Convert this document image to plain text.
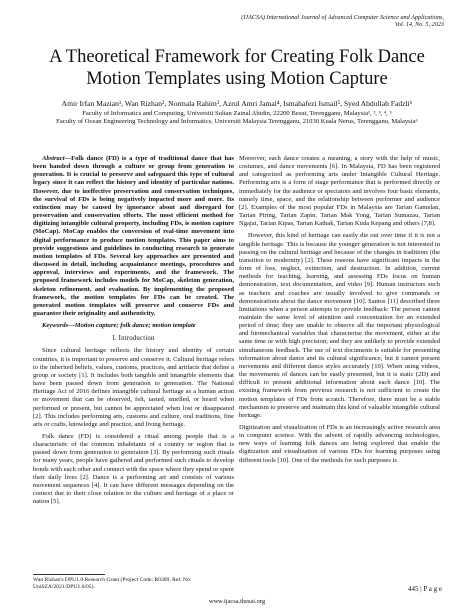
(IJACSA) International Journal of Advanced Computer Science and Applications,
Vol. 14, No. 5, 2023
A Theoretical Framework for Creating Folk Dance Motion Templates using Motion Capture
Amir Irfan Mazian¹, Wan Rizhan², Normala Rahim³, Azrul Amri Jamal⁴, Ismahafezi Ismail⁵, Syed Abdullah Fadzli⁶
Faculty of Informatics and Computing, Universiti Sultan Zainal Abidin, 22200 Besut, Terengganu, Malaysia¹, ², ³, ⁴, ⁵
Faculty of Ocean Engineering Technology and Informatics, Universiti Malaysia Terengganu, 21030 Kuala Nerus, Terengganu, Malaysia⁶

Abstract—Folk dance (FD) is a type of traditional dance that has been handed down through a culture or group from generation to generation. It is crucial to preserve and safeguard this type of cultural legacy since it can reflect the history and identity of particular nations. However, due to ineffective preservation and conservation techniques, the survival of FDs is being negatively impacted more and more. Its extinction may be caused by ignorance about and disregard for preservation and conservation efforts. The most efficient method for digitizing intangible cultural property, including FDs, is motion capture (MoCap). MoCap enables the conversion of real-time movement into digital performance to produce motion templates. This paper aims to provide suggestions and guidelines in conducting research to generate motion templates of FDs. Several key approaches are presented and discussed in detail, including acquaintance meetings, procedures and approval, interviews and experiments, and the framework. The proposed framework includes models for MoCap, skeleton generation, skeleton refinement, and evaluation. By implementing the proposed framework, the motion templates for FDs can be created. The generated motion templates will preserve and conserve FDs and guarantee their originality and authenticity.

Keywords—Motion capture; folk dance; motion template

I. Introduction

Since cultural heritage reflects the history and identity of certain countries, it is important to preserve and conserve it. Cultural heritage refers to the inherited beliefs, values, customs, practices, and artifacts that define a group or society [1]. It includes both tangible and intangible elements that have been passed down from generation to generation. The National Heritage Act of 2016 defines intangible cultural heritage as a human action or movement that can be observed, felt, tasted, smelled, or heard when performed or present, but cannot be appreciated when lost or disappeared [2]. This includes performing arts, customs and culture, oral traditions, fine arts or crafts, knowledge and practice, and living heritage.

Folk dance (FD) is considered a ritual among people that is a characteristic of the common inhabitants of a country or region that is passed down from generation to generation [3]. By performing such rituals for many years, people have gathered and performed such rituals to develop bonds with each other and connect with the space where they spend or spent their daily lives [2]. Dance is a performing art and consists of various movement sequences [4]. It can have different messages depending on the context due to their close relation to the culture and heritage of a place or nation [5].

Moreover, each dance creates a meaning, a story with the help of music, costumes, and dance movements [6]. In Malaysia, FD has been registered and categorized as performing arts under Intangible Cultural Heritage. Performing arts is a form of stage performance that is performed directly or immediately for the audience or spectators and involves four basic elements, namely time, space, and the relationship between performer and audience [2]. Examples of the most popular FDs in Malaysia are Tarian Gamelan, Tarian Piring, Tarian Zapin, Tarian Mak Yong, Tarian Sumazau, Tarian Ngajat, Tarian Kipas, Tarian Kathak, Tarian Kuda Kepang and others [7,8].

However, this kind of heritage can easily die out over time if it is not a tangible heritage. This is because the younger generation is not interested in passing on the cultural heritage and because of the changes in traditions (the transition to modernity) [2]. These reasons have significant impacts in the form of loss, neglect, extinction, and destruction. In addition, current methods for teaching, learning, and assessing FDs focus on human demonstration, text documentation, and video [9]. Human instructors such as teachers and coaches are usually involved to give commands or demonstrations about the dance movement [10]. Santos [11] described three limitations when a person attempts to provide feedback: The person cannot maintain the same level of attention and concentration for an extended period of time; they are unable to observe all the important physiological and biomechanical variables that characterise the movement, either at the same time or with high precision; and they are unlikely to provide extended simultaneous feedback. The use of text documents is suitable for presenting information about dance and its cultural significance, but it cannot present movements and different dance styles accurately [10]. When using videos, the movements of dances can be easily presented, but it is static (2D) and difficult to present additional information about each dance [10]. The existing framework from previous research is not sufficient to create the motion templates of FDs from scratch. Therefore, there must be a stable mechanism to preserve and maintain this kind of valuable intangible cultural heritage.

Digitization and visualization of FDs is an increasingly active research area in computer science. With the advent of rapidly advancing technologies, new ways of learning folk dances are being explored that enable the digitization and visualization of various FDs for learning purposes using different tools [10]. One of the methods for such purposes is

Wan Rizhan's DPU1.0 Research Grant (Project Code: R0309, Ref. No: UniSZA/2021/DPU1.0/05).	445 | P a g e
www.ijacsa.thesai.org
